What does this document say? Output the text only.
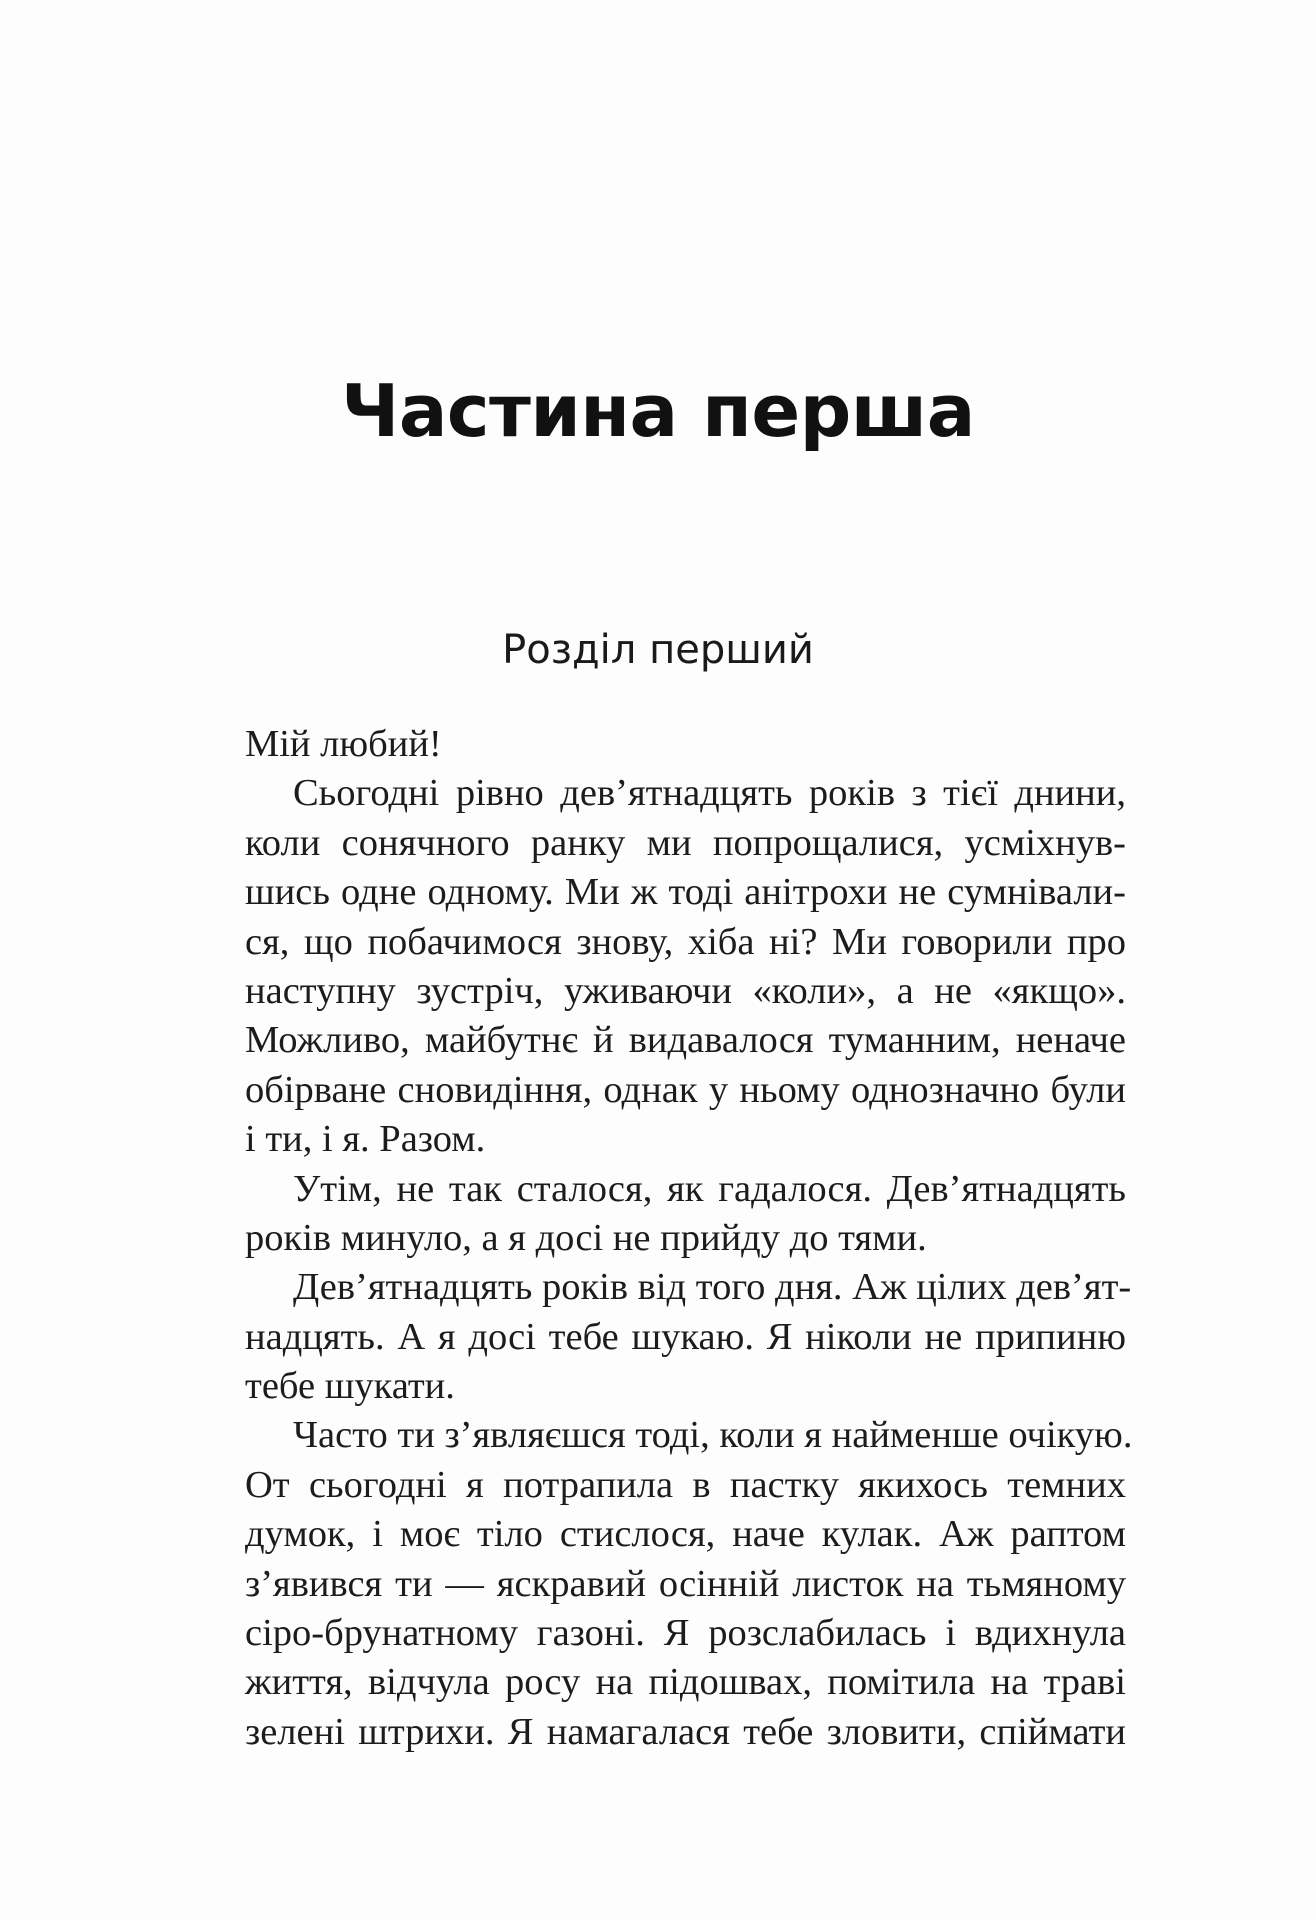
Частина перша
Розділ перший
Мій любий!
Сьогодні рівно дев’ятнадцять років з тієї днини,
коли сонячного ранку ми попрощалися, усміхнув-
шись одне одному. Ми ж тоді анітрохи не сумнівали-
ся, що побачимося знову, хіба ні? Ми говорили про
наступну зустріч, уживаючи «коли», а не «якщо».
Можливо, майбутнє й видавалося туманним, неначе
обірване сновидіння, однак у ньому однозначно були
і ти, і я. Разом.
Утім, не так сталося, як гадалося. Дев’ятнадцять
років минуло, а я досі не прийду до тями.
Дев’ятнадцять років від того дня. Аж цілих дев’ят-
надцять. А я досі тебе шукаю. Я ніколи не припиню
тебе шукати.
Часто ти з’являєшся тоді, коли я найменше очікую.
От сьогодні я потрапила в пастку якихось темних
думок, і моє тіло стислося, наче кулак. Аж раптом
з’явився ти — яскравий осінній листок на тьмяному
сіро-брунатному газоні. Я розслабилась і вдихнула
життя, відчула росу на підошвах, помітила на траві
зелені штрихи. Я намагалася тебе зловити, спіймати
